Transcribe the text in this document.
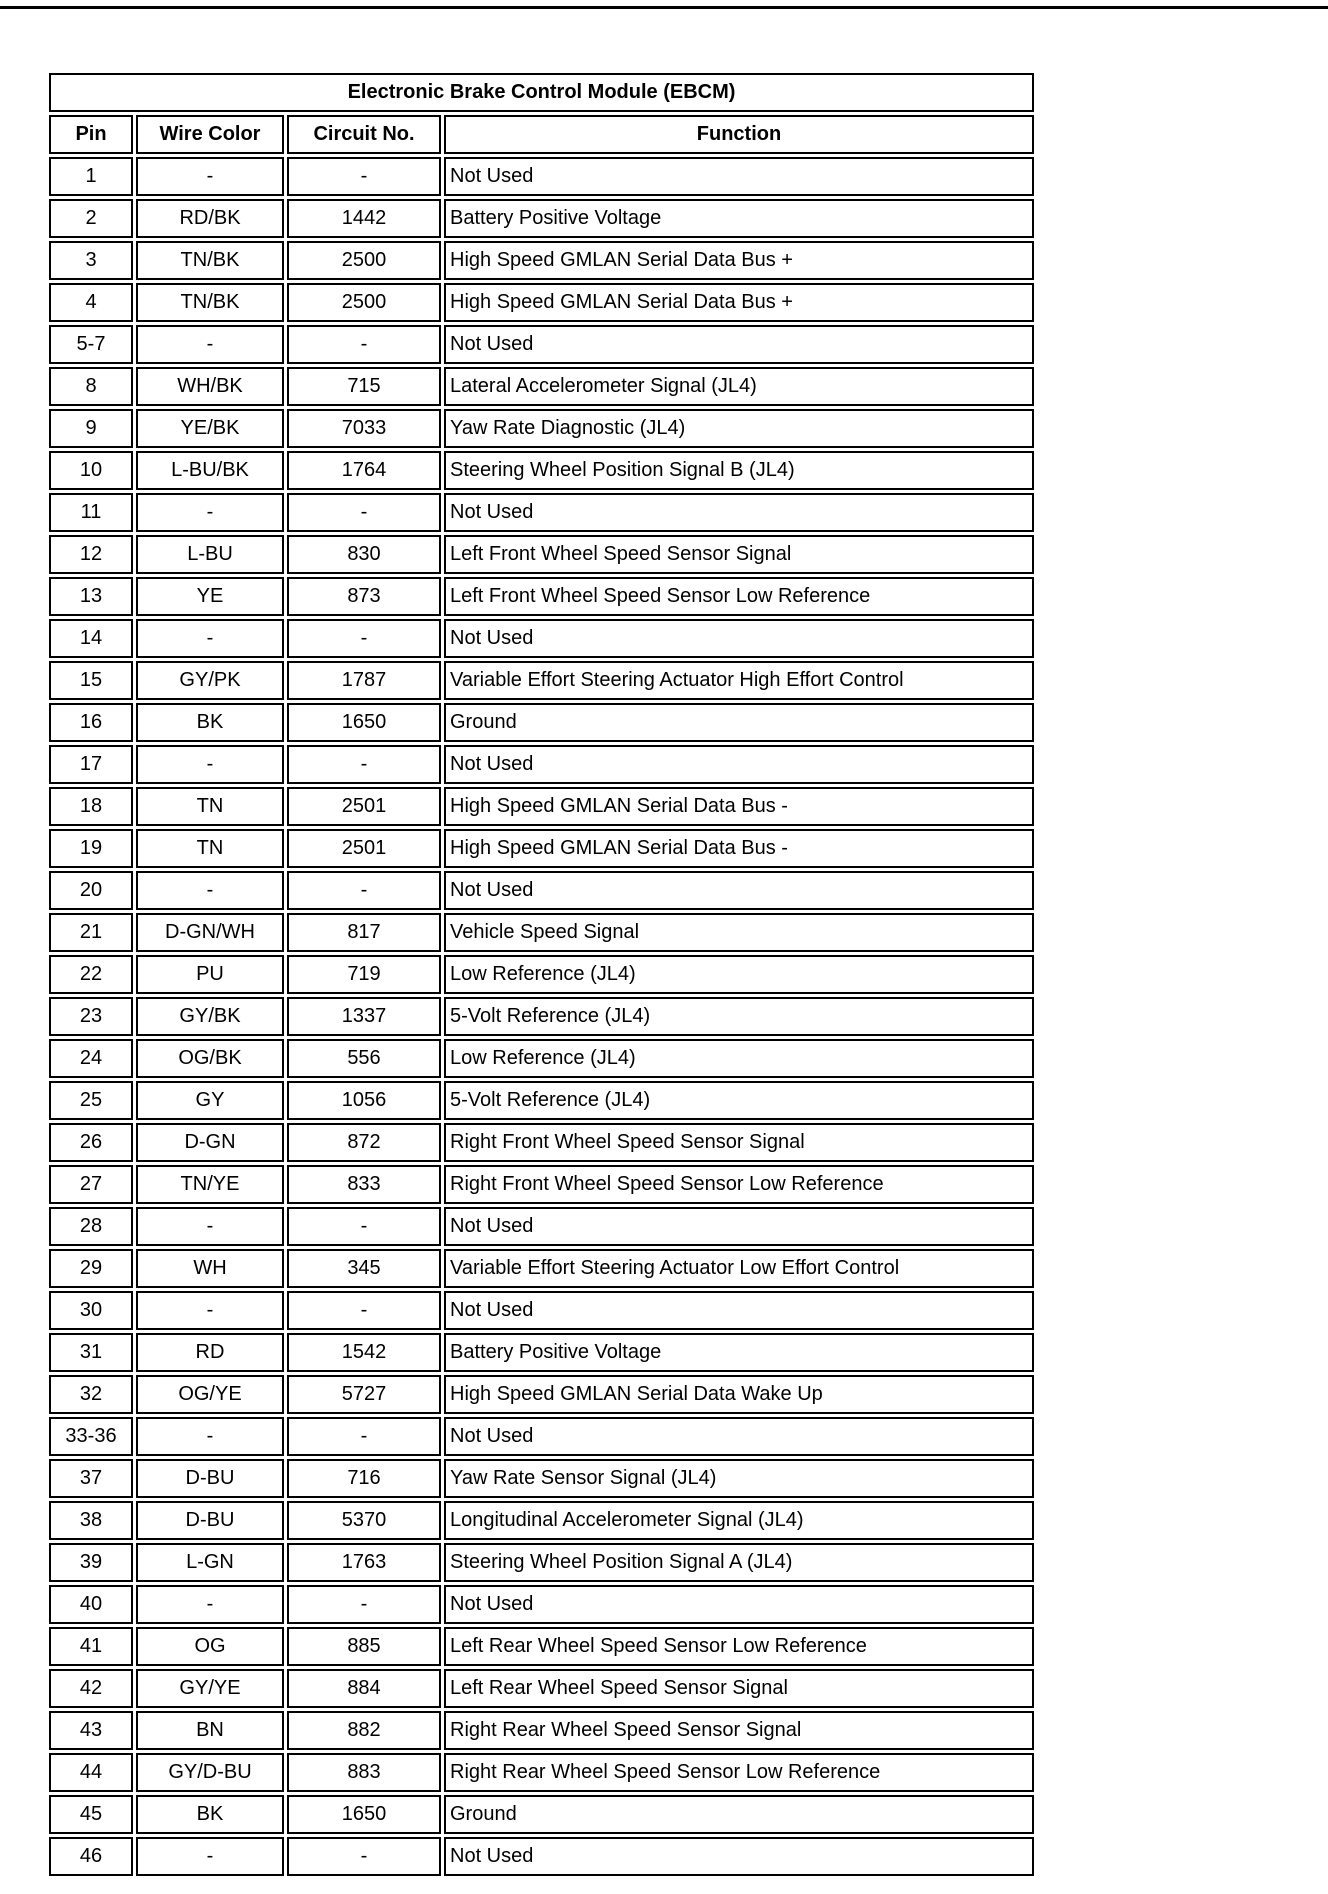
Electronic Brake Control Module (EBCM)			
Pin	Wire Color	Circuit No.	Function
1	-	-	Not Used
2	RD/BK	1442	Battery Positive Voltage
3	TN/BK	2500	High Speed GMLAN Serial Data Bus +
4	TN/BK	2500	High Speed GMLAN Serial Data Bus +
5-7	-	-	Not Used
8	WH/BK	715	Lateral Accelerometer Signal (JL4)
9	YE/BK	7033	Yaw Rate Diagnostic (JL4)
10	L-BU/BK	1764	Steering Wheel Position Signal B (JL4)
11	-	-	Not Used
12	L-BU	830	Left Front Wheel Speed Sensor Signal
13	YE	873	Left Front Wheel Speed Sensor Low Reference
14	-	-	Not Used
15	GY/PK	1787	Variable Effort Steering Actuator High Effort Control
16	BK	1650	Ground
17	-	-	Not Used
18	TN	2501	High Speed GMLAN Serial Data Bus -
19	TN	2501	High Speed GMLAN Serial Data Bus -
20	-	-	Not Used
21	D-GN/WH	817	Vehicle Speed Signal
22	PU	719	Low Reference (JL4)
23	GY/BK	1337	5-Volt Reference (JL4)
24	OG/BK	556	Low Reference (JL4)
25	GY	1056	5-Volt Reference (JL4)
26	D-GN	872	Right Front Wheel Speed Sensor Signal
27	TN/YE	833	Right Front Wheel Speed Sensor Low Reference
28	-	-	Not Used
29	WH	345	Variable Effort Steering Actuator Low Effort Control
30	-	-	Not Used
31	RD	1542	Battery Positive Voltage
32	OG/YE	5727	High Speed GMLAN Serial Data Wake Up
33-36	-	-	Not Used
37	D-BU	716	Yaw Rate Sensor Signal (JL4)
38	D-BU	5370	Longitudinal Accelerometer Signal (JL4)
39	L-GN	1763	Steering Wheel Position Signal A (JL4)
40	-	-	Not Used
41	OG	885	Left Rear Wheel Speed Sensor Low Reference
42	GY/YE	884	Left Rear Wheel Speed Sensor Signal
43	BN	882	Right Rear Wheel Speed Sensor Signal
44	GY/D-BU	883	Right Rear Wheel Speed Sensor Low Reference
45	BK	1650	Ground
46	-	-	Not Used
